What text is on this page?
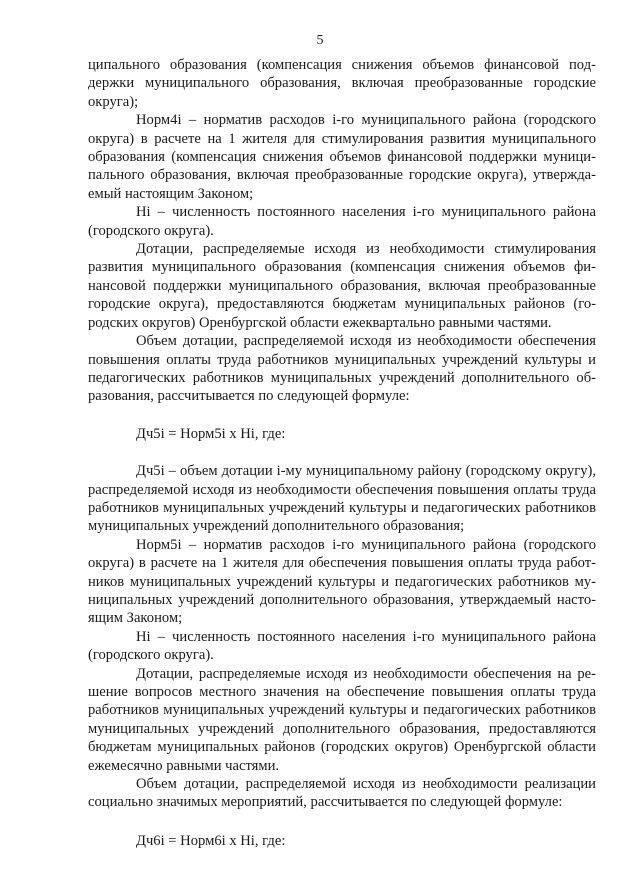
5

ципального образования (компенсация снижения объемов финансовой поддержки муниципального образования, включая преобразованные городские округа);

Норм4i – норматив расходов i-го муниципального района (городского округа) в расчете на 1 жителя для стимулирования развития муниципального образования (компенсация снижения объемов финансовой поддержки муниципального образования, включая преобразованные городские округа), утверждаемый настоящим Законом;

Нi – численность постоянного населения i-го муниципального района (городского округа).

Дотации, распределяемые исходя из необходимости стимулирования развития муниципального образования (компенсация снижения объемов финансовой поддержки муниципального образования, включая преобразованные городские округа), предоставляются бюджетам муниципальных районов (городских округов) Оренбургской области ежеквартально равными частями.

Объем дотации, распределяемой исходя из необходимости обеспечения повышения оплаты труда работников муниципальных учреждений культуры и педагогических работников муниципальных учреждений дополнительного образования, рассчитывается по следующей формуле:

Дч5i = Норм5i х Нi, где:

Дч5i – объем дотации i-му муниципальному району (городскому округу), распределяемой исходя из необходимости обеспечения повышения оплаты труда работников муниципальных учреждений культуры и педагогических работников муниципальных учреждений дополнительного образования;

Норм5i – норматив расходов i-го муниципального района (городского округа) в расчете на 1 жителя для обеспечения повышения оплаты труда работников муниципальных учреждений культуры и педагогических работников муниципальных учреждений дополнительного образования, утверждаемый настоящим Законом;

Нi – численность постоянного населения i-го муниципального района (городского округа).

Дотации, распределяемые исходя из необходимости обеспечения на решение вопросов местного значения на обеспечение повышения оплаты труда работников муниципальных учреждений культуры и педагогических работников муниципальных учреждений дополнительного образования, предоставляются бюджетам муниципальных районов (городских округов) Оренбургской области ежемесячно равными частями.

Объем дотации, распределяемой исходя из необходимости реализации социально значимых мероприятий, рассчитывается по следующей формуле:

Дч6i = Норм6i х Нi, где:
